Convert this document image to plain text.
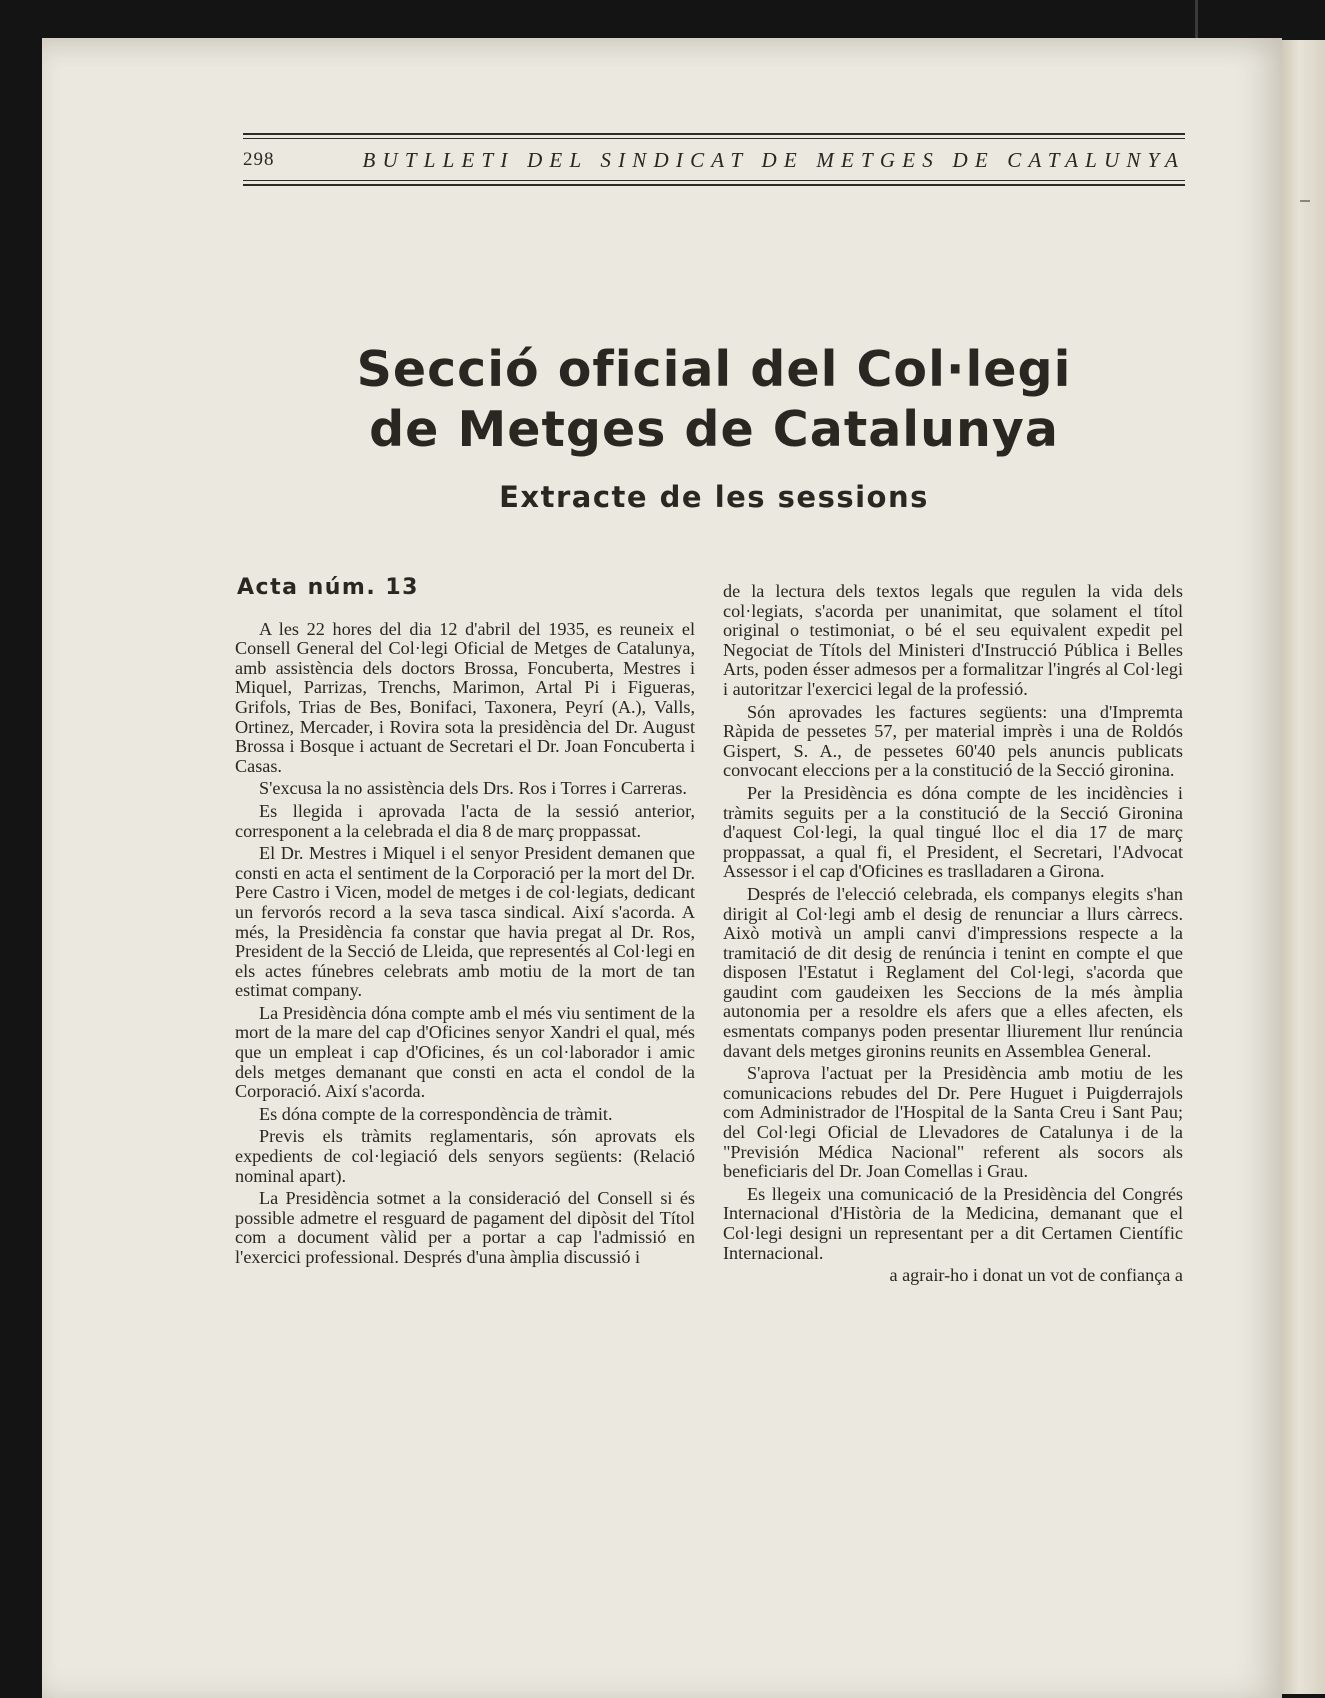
298	BUTLLETI DEL SINDICAT DE METGES DE CATALUNYA
Secció oficial del Col·legi
de Metges de Catalunya
Extracte de les sessions
Acta núm. 13

A les 22 hores del dia 12 d'abril del 1935, es reuneix el Consell General del Col·legi Oficial de Metges de Catalunya, amb assistència dels doctors Brossa, Foncuberta, Mestres i Miquel, Parrizas, Trenchs, Marimon, Artal Pi i Figueras, Grifols, Trias de Bes, Bonifaci, Taxonera, Peyrí (A.), Valls, Ortinez, Mercader, i Rovira sota la presidència del Dr. August Brossa i Bosque i actuant de Secretari el Dr. Joan Foncuberta i Casas.

S'excusa la no assistència dels Drs. Ros i Torres i Carreras.

Es llegida i aprovada l'acta de la sessió anterior, corresponent a la celebrada el dia 8 de març proppassat.

El Dr. Mestres i Miquel i el senyor President demanen que consti en acta el sentiment de la Corporació per la mort del Dr. Pere Castro i Vicen, model de metges i de col·legiats, dedicant un fervorós record a la seva tasca sindical. Així s'acorda. A més, la Presidència fa constar que havia pregat al Dr. Ros, President de la Secció de Lleida, que representés al Col·legi en els actes fúnebres celebrats amb motiu de la mort de tan estimat company.

La Presidència dóna compte amb el més viu sentiment de la mort de la mare del cap d'Oficines senyor Xandri el qual, més que un empleat i cap d'Oficines, és un col·laborador i amic dels metges demanant que consti en acta el condol de la Corporació. Així s'acorda.

Es dóna compte de la correspondència de tràmit.

Previs els tràmits reglamentaris, són aprovats els expedients de col·legiació dels senyors següents: (Relació nominal apart).

La Presidència sotmet a la consideració del Consell si és possible admetre el resguard de pagament del dipòsit del Títol com a document vàlid per a portar a cap l'admissió en l'exercici professional. Després d'una àmplia discussió i

de la lectura dels textos legals que regulen la vida dels col·legiats, s'acorda per unanimitat, que solament el títol original o testimoniat, o bé el seu equivalent expedit pel Negociat de Títols del Ministeri d'Instrucció Pública i Belles Arts, poden ésser admesos per a formalitzar l'ingrés al Col·legi i autoritzar l'exercici legal de la professió.

Són aprovades les factures següents: una d'Impremta Ràpida de pessetes 57, per material imprès i una de Roldós Gispert, S. A., de pessetes 60'40 pels anuncis publicats convocant eleccions per a la constitució de la Secció gironina.

Per la Presidència es dóna compte de les incidències i tràmits seguits per a la constitució de la Secció Gironina d'aquest Col·legi, la qual tingué lloc el dia 17 de març proppassat, a qual fi, el President, el Secretari, l'Advocat Assessor i el cap d'Oficines es traslladaren a Girona.

Després de l'elecció celebrada, els companys elegits s'han dirigit al Col·legi amb el desig de renunciar a llurs càrrecs. Això motivà un ampli canvi d'impressions respecte a la tramitació de dit desig de renúncia i tenint en compte el que disposen l'Estatut i Reglament del Col·legi, s'acorda que gaudint com gaudeixen les Seccions de la més àmplia autonomia per a resoldre els afers que a elles afecten, els esmentats companys poden presentar lliurement llur renúncia davant dels metges gironins reunits en Assemblea General.

S'aprova l'actuat per la Presidència amb motiu de les comunicacions rebudes del Dr. Pere Huguet i Puigderrajols com Administrador de l'Hospital de la Santa Creu i Sant Pau; del Col·legi Oficial de Llevadores de Catalunya i de la "Previsión Médica Nacional" referent als socors als beneficiaris del Dr. Joan Comellas i Grau.

Es llegeix una comunicació de la Presidència del Congrés Internacional d'Història de la Medicina, demanant que el Col·legi designi un representant per a dit Certamen Científic Internacional.

a agrair-ho i donat un vot de confiança a
